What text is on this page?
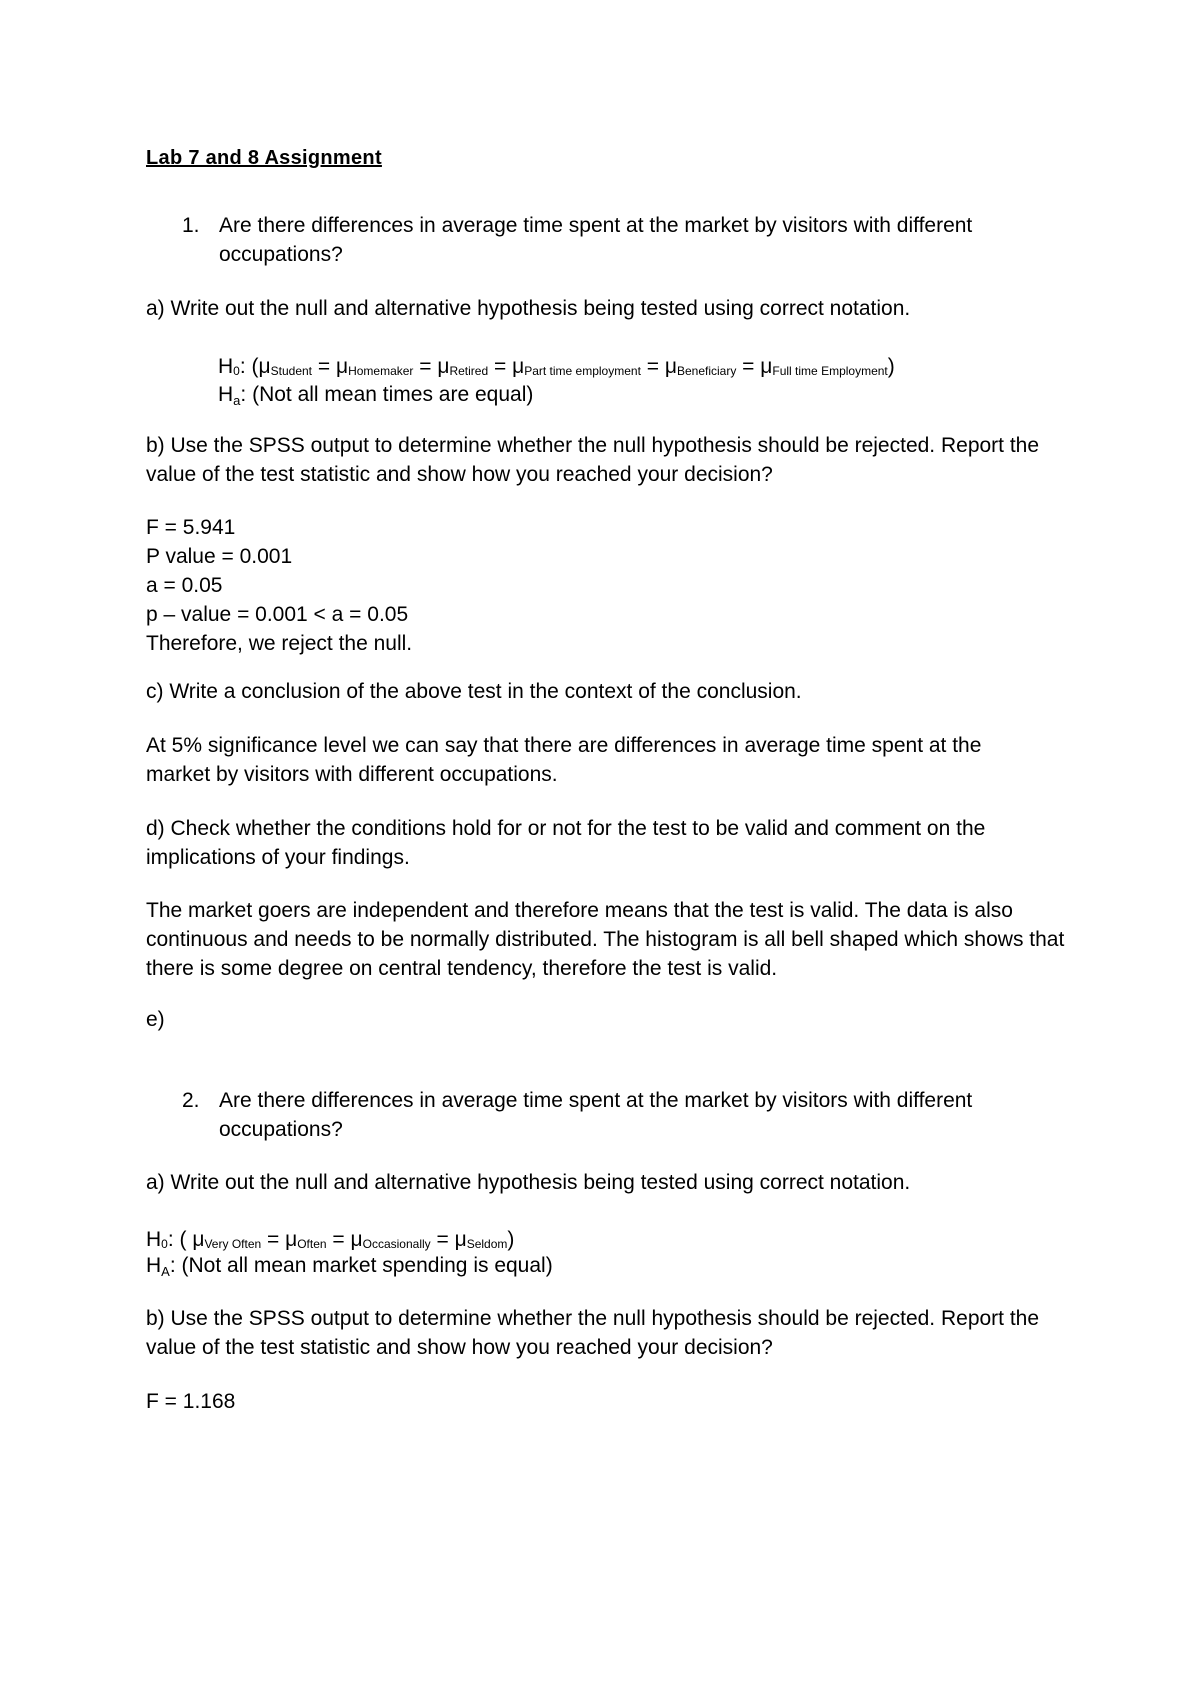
Lab 7 and 8 Assignment
1. Are there differences in average time spent at the market by visitors with different occupations?

a) Write out the null and alternative hypothesis being tested using correct notation.

H0: (μStudent = μHomemaker = μRetired = μPart time employment = μBeneficiary = μFull time Employment)

Ha: (Not all mean times are equal)

b) Use the SPSS output to determine whether the null hypothesis should be rejected. Report the value of the test statistic and show how you reached your decision?

F = 5.941

P value = 0.001

a = 0.05

p – value = 0.001 < a = 0.05

Therefore, we reject the null.

c) Write a conclusion of the above test in the context of the conclusion.

At 5% significance level we can say that there are differences in average time spent at the market by visitors with different occupations.

d) Check whether the conditions hold for or not for the test to be valid and comment on the implications of your findings.

The market goers are independent and therefore means that the test is valid. The data is also continuous and needs to be normally distributed. The histogram is all bell shaped which shows that there is some degree on central tendency, therefore the test is valid.

e)

2. Are there differences in average time spent at the market by visitors with different occupations?

a) Write out the null and alternative hypothesis being tested using correct notation.

H0: ( μVery Often = μOften = μOccasionally = μSeldom)

HA: (Not all mean market spending is equal)

b) Use the SPSS output to determine whether the null hypothesis should be rejected. Report the value of the test statistic and show how you reached your decision?

F = 1.168
